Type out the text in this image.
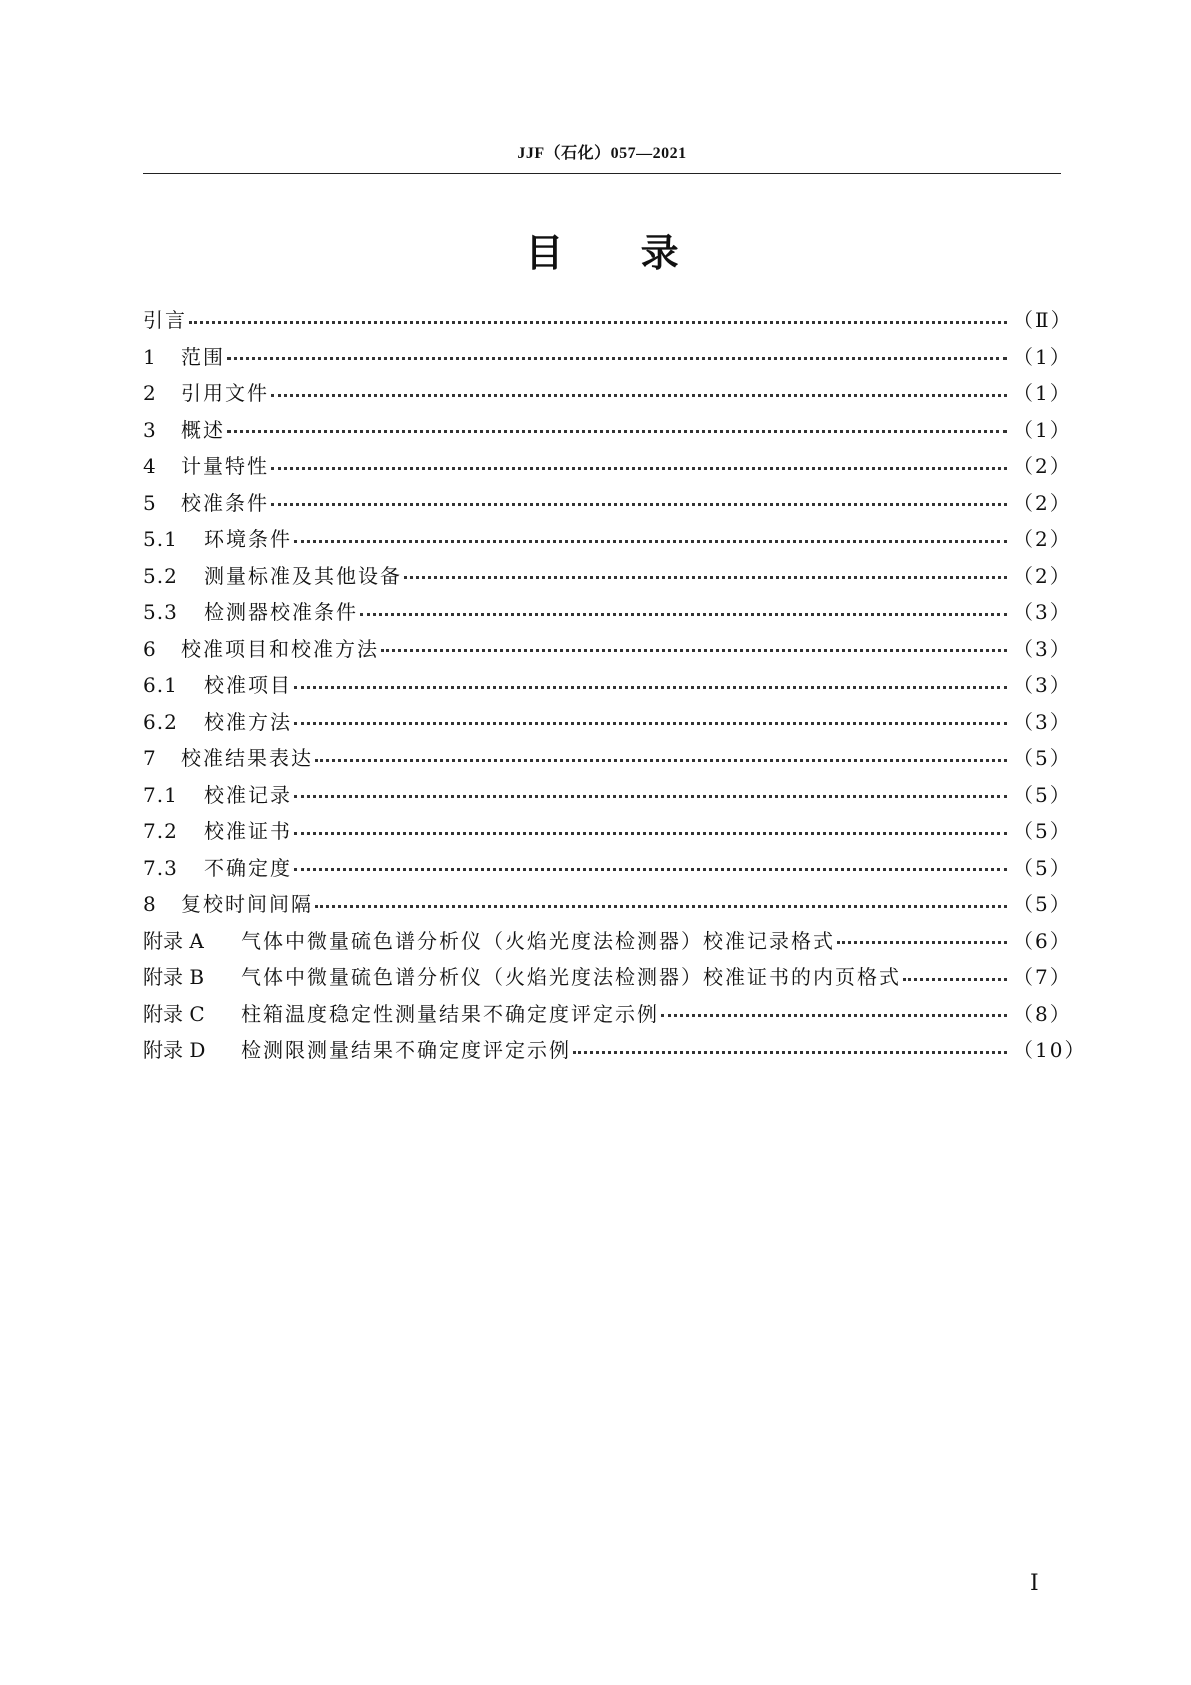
JJF（石化）057—2021
目 录
引言	（Ⅱ）
1	范围	（1）
2	引用文件	（1）
3	概述	（1）
4	计量特性	（2）
5	校准条件	（2）
5.1	环境条件	（2）
5.2	测量标准及其他设备	（2）
5.3	检测器校准条件	（3）
6	校准项目和校准方法	（3）
6.1	校准项目	（3）
6.2	校准方法	（3）
7	校准结果表达	（5）
7.1	校准记录	（5）
7.2	校准证书	（5）
7.3	不确定度	（5）
8	复校时间间隔	（5）
附录 A	气体中微量硫色谱分析仪（火焰光度法检测器）校准记录格式	（6）
附录 B	气体中微量硫色谱分析仪（火焰光度法检测器）校准证书的内页格式	（7）
附录 C	柱箱温度稳定性测量结果不确定度评定示例	（8）
附录 D	检测限测量结果不确定度评定示例	（10）
Ⅰ
